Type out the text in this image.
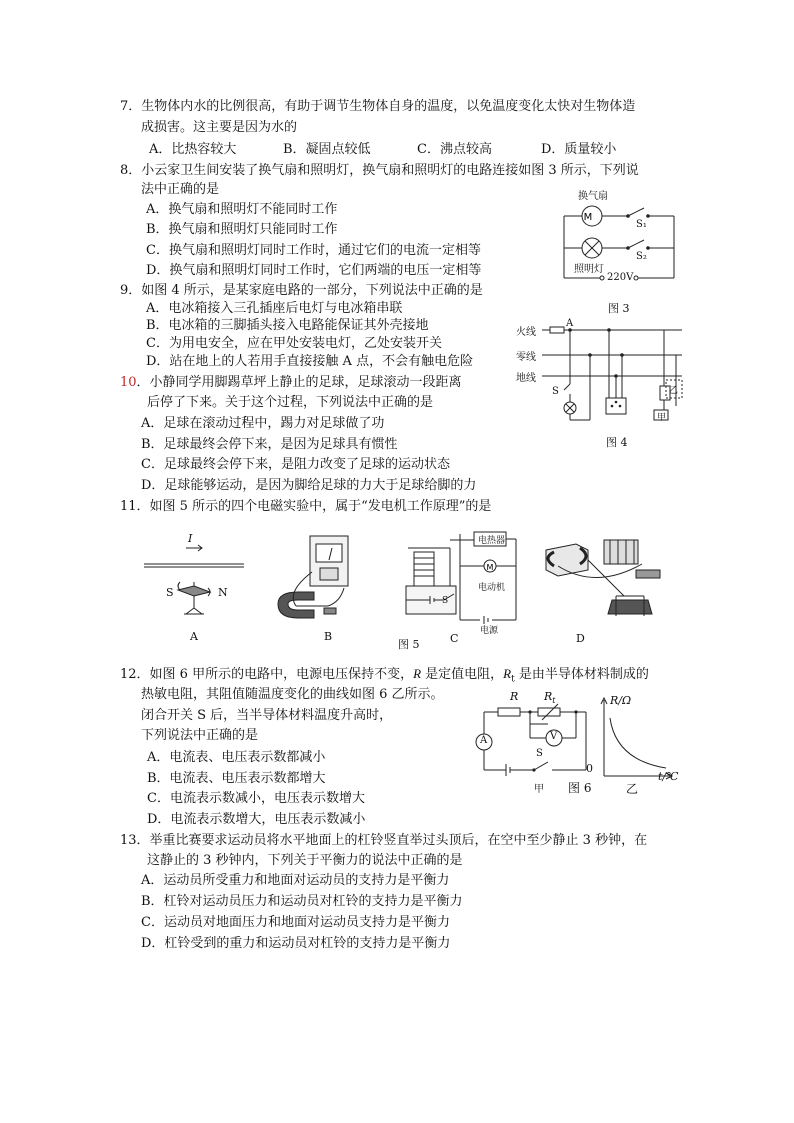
7．生物体内水的比例很高，有助于调节生物体自身的温度，以免温度变化太快对生物体造
成损害。这主要是因为水的
A．比热容较大	B．凝固点较低	C．沸点较高	D．质量较小
8．小云家卫生间安装了换气扇和照明灯，换气扇和照明灯的电路连接如图 3 所示，下列说
法中正确的是
A．换气扇和照明灯不能同时工作
B．换气扇和照明灯只能同时工作
C．换气扇和照明灯同时工作时，通过它们的电流一定相等
D．换气扇和照明灯同时工作时，它们两端的电压一定相等
M
换气扇
S₁
照明灯
S₂
220V
图 3
9．如图 4 所示，是某家庭电路的一部分，下列说法中正确的是
A．电冰箱接入三孔插座后电灯与电冰箱串联
B．电冰箱的三脚插头接入电路能保证其外壳接地
C．为用电安全，应在甲处安装电灯，乙处安装开关
D．站在地上的人若用手直接接触 A 点，不会有触电危险
火线
零线
地线
A
S
甲
乙
图 4
10．小静同学用脚踢草坪上静止的足球，足球滚动一段距离
后停了下来。关于这个过程，下列说法中正确的是
A．足球在滚动过程中，踢力对足球做了功
B．足球最终会停下来，是因为足球具有惯性
C．足球最终会停下来，是阻力改变了足球的运动状态
D．足球能够运动，是因为脚给足球的力大于足球给脚的力
11．如图 5 所示的四个电磁实验中，属于“发电机工作原理”的是
I
S	N
A	B
M
电热器
电动机
电源
S
图 5	C	D
12．如图 6 甲所示的电路中，电源电压保持不变，R 是定值电阻，$R_t$ 是由半导体材料制成的
热敏电阻，其阻值随温度变化的曲线如图 6 乙所示。
闭合开关 S 后，当半导体材料温度升高时，
下列说法中正确的是
A．电流表、电压表示数都减小
B．电流表、电压表示数都增大
C．电流表示数减小，电压表示数增大
D．电流表示数增大，电压表示数减小
R $R_t$
A	V
S
甲 图 6	乙
R/Ω
t/℃
0
13．举重比赛要求运动员将水平地面上的杠铃竖直举过头顶后，在空中至少静止 3 秒钟，在
这静止的 3 秒钟内，下列关于平衡力的说法中正确的是
A．运动员所受重力和地面对运动员的支持力是平衡力
B．杠铃对运动员压力和运动员对杠铃的支持力是平衡力
C．运动员对地面压力和地面对运动员支持力是平衡力
D．杠铃受到的重力和运动员对杠铃的支持力是平衡力
